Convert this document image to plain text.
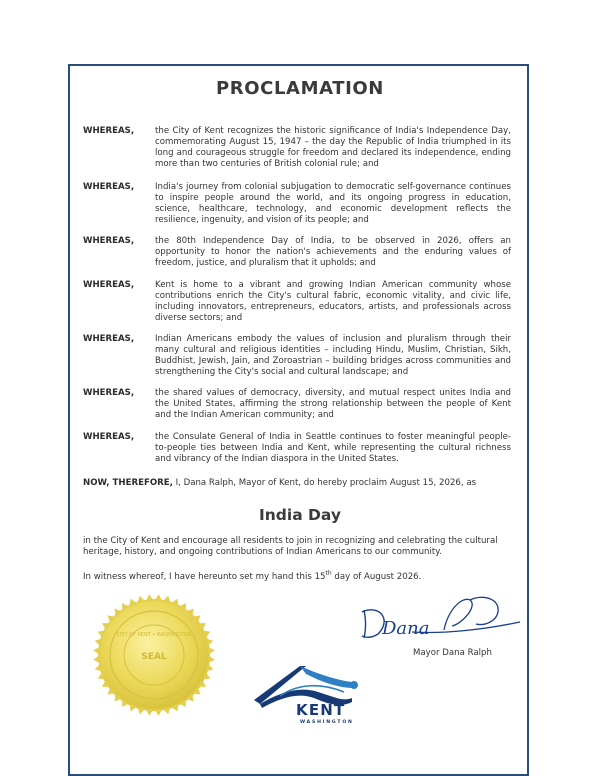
PROCLAMATION
WHEREAS, the City of Kent recognizes the historic significance of India's Independence Day, commemorating August 15, 1947 – the day the Republic of India triumphed in its long and courageous struggle for freedom and declared its independence, ending more than two centuries of British colonial rule; and
WHEREAS, India's journey from colonial subjugation to democratic self-governance continues to inspire people around the world, and its ongoing progress in education, science, healthcare, technology, and economic development reflects the resilience, ingenuity, and vision of its people; and
WHEREAS, the 80th Independence Day of India, to be observed in 2026, offers an opportunity to honor the nation's achievements and the enduring values of freedom, justice, and pluralism that it upholds; and
WHEREAS, Kent is home to a vibrant and growing Indian American community whose contributions enrich the City's cultural fabric, economic vitality, and civic life, including innovators, entrepreneurs, educators, artists, and professionals across diverse sectors; and
WHEREAS, Indian Americans embody the values of inclusion and pluralism through their many cultural and religious identities – including Hindu, Muslim, Christian, Sikh, Buddhist, Jewish, Jain, and Zoroastrian – building bridges across communities and strengthening the City's social and cultural landscape; and
WHEREAS, the shared values of democracy, diversity, and mutual respect unites India and the United States, affirming the strong relationship between the people of Kent and the Indian American community; and
WHEREAS, the Consulate General of India in Seattle continues to foster meaningful people-to-people ties between India and Kent, while representing the cultural richness and vibrancy of the Indian diaspora in the United States.
NOW, THEREFORE, I, Dana Ralph, Mayor of Kent, do hereby proclaim August 15, 2026, as
India Day
in the City of Kent and encourage all residents to join in recognizing and celebrating the cultural heritage, history, and ongoing contributions of Indian Americans to our community.
In witness whereof, I have hereunto set my hand this 15th day of August 2026.
SEAL
CITY OF KENT • WASHINGTON	Dana
Mayor Dana Ralph
KENT
WASHINGTON
